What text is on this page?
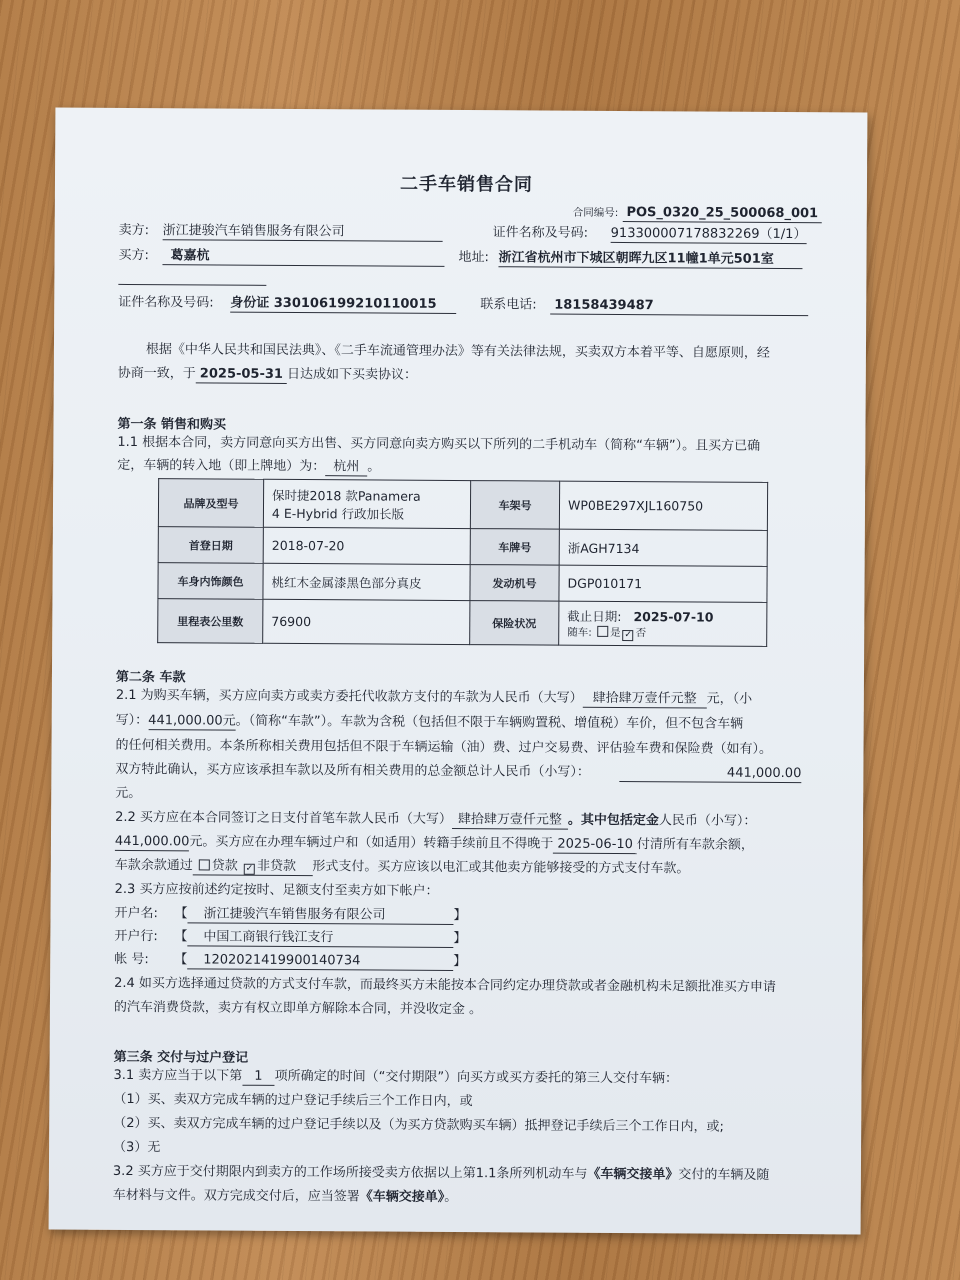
二手车销售合同
合同编号: POS_0320_25_500068_001
卖方: 浙江捷骏汽车销售服务有限公司	证件名称及号码: 913300007178832269（1/1）
买方:	葛嘉杭	地址: 浙江省杭州市下城区朝晖九区11幢1单元501室
证件名称及号码: 身份证 330106199210110015	联系电话:	18158439487
根据《中华人民共和国民法典》、《二手车流通管理办法》等有关法律法规，买卖双方本着平等、自愿原则，经
协商一致，于 2025-05-31 日达成如下买卖协议：
第一条 销售和购买
1.1 根据本合同，卖方同意向买方出售、买方同意向卖方购买以下所列的二手机动车（简称“车辆”）。且买方已确
定，车辆的转入地（即上牌地）为： 杭州 。
品牌及型号	保时捷2018 款Panamera
4 E-Hybrid 行政加长版	车架号	WP0BE297XJL160750
首登日期	2018-07-20	车牌号	浙AGH7134
车身内饰颜色	桃红木金属漆黑色部分真皮	发动机号	DGP010171
里程表公里数	76900	保险状况	截止日期: 2025-07-10
随车: 是 ✓ 否
第二条 车款
2.1 为购买车辆，买方应向卖方或卖方委托代收款方支付的车款为人民币（大写） 肆拾肆万壹仟元整 元，（小
写）：441,000.00元。（简称“车款”）。车款为含税（包括但不限于车辆购置税、增值税）车价，但不包含车辆
的任何相关费用。本条所称相关费用包括但不限于车辆运输（油）费、过户交易费、评估验车费和保险费（如有）。
双方特此确认，买方应该承担车款以及所有相关费用的总金额总计人民币（小写）：	441,000.00
元。
2.2 买方应在本合同签订之日支付首笔车款人民币（大写） 肆拾肆万壹仟元整 。其中包括定金人民币（小写）：
441,000.00元。买方应在办理车辆过户和（如适用）转籍手续前且不得晚于 2025-06-10 付清所有车款余额，
车款余款通过 贷款 ✓ 非贷款 形式支付。买方应该以电汇或其他卖方能够接受的方式支付车款。
2.3 买方应按前述约定按时、足额支付至卖方如下帐户：
开户名: 【 浙江捷骏汽车销售服务有限公司	】
开户行: 【 中国工商银行钱江支行	】
帐 号: 【 1202021419900140734	】
2.4 如买方选择通过贷款的方式支付车款，而最终买方未能按本合同约定办理贷款或者金融机构未足额批准买方申请
的汽车消费贷款，卖方有权立即单方解除本合同，并没收定金 。
第三条 交付与过户登记
3.1 卖方应当于以下第 1 项所确定的时间（“交付期限”）向买方或买方委托的第三人交付车辆：
（1）买、卖双方完成车辆的过户登记手续后三个工作日内，或
（2）买、卖双方完成车辆的过户登记手续以及（为买方贷款购买车辆）抵押登记手续后三个工作日内，或;
（3）无
3.2 买方应于交付期限内到卖方的工作场所接受卖方依据以上第1.1条所列机动车与《车辆交接单》交付的车辆及随
车材料与文件。双方完成交付后，应当签署《车辆交接单》。
